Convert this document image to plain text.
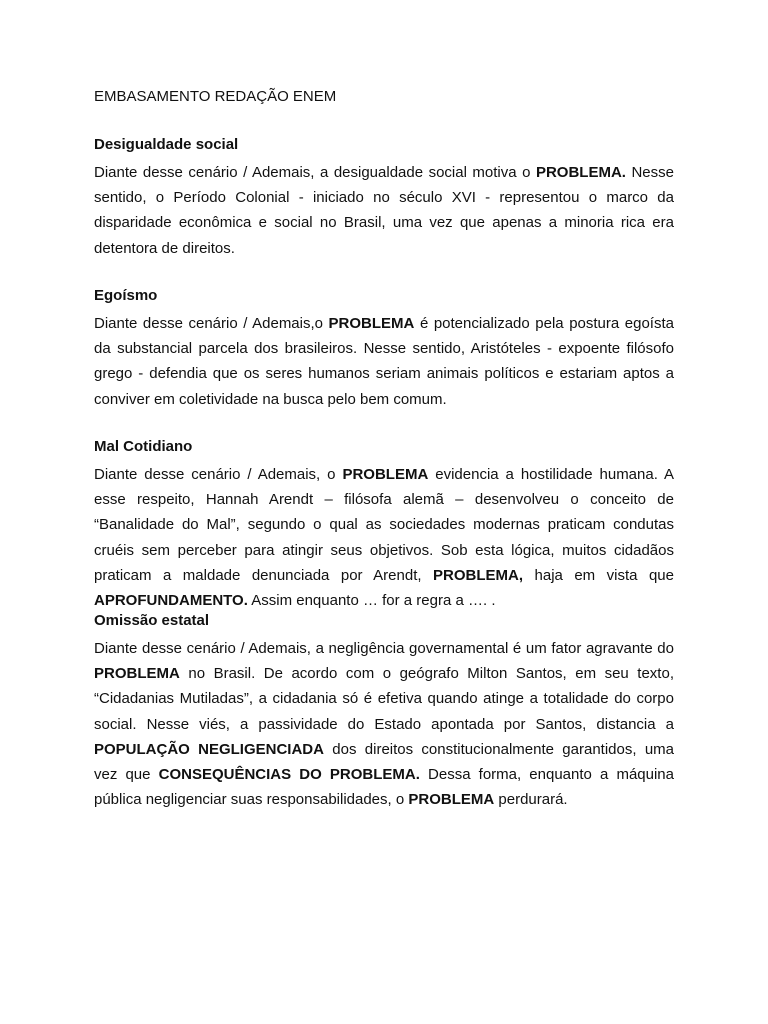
EMBASAMENTO REDAÇÃO ENEM
Desigualdade social

Diante desse cenário / Ademais, a desigualdade social motiva o PROBLEMA. Nesse sentido, o Período Colonial - iniciado no século XVI - representou o marco da disparidade econômica e social no Brasil, uma vez que apenas a minoria rica era detentora de direitos.

Egoísmo

Diante desse cenário / Ademais,o PROBLEMA é potencializado pela postura egoísta da substancial parcela dos brasileiros. Nesse sentido, Aristóteles - expoente filósofo grego - defendia que os seres humanos seriam animais políticos e estariam aptos a conviver em coletividade na busca pelo bem comum.

Mal Cotidiano

Diante desse cenário / Ademais, o PROBLEMA evidencia a hostilidade humana. A esse respeito, Hannah Arendt – filósofa alemã – desenvolveu o conceito de “Banalidade do Mal”, segundo o qual as sociedades modernas praticam condutas cruéis sem perceber para atingir seus objetivos. Sob esta lógica, muitos cidadãos praticam a maldade denunciada por Arendt, PROBLEMA, haja em vista que APROFUNDAMENTO. Assim enquanto … for a regra a …. .

Omissão estatal

Diante desse cenário / Ademais, a negligência governamental é um fator agravante do PROBLEMA no Brasil. De acordo com o geógrafo Milton Santos, em seu texto, “Cidadanias Mutiladas”, a cidadania só é efetiva quando atinge a totalidade do corpo social. Nesse viés, a passividade do Estado apontada por Santos, distancia a POPULAÇÃO NEGLIGENCIADA dos direitos constitucionalmente garantidos, uma vez que CONSEQUÊNCIAS DO PROBLEMA. Dessa forma, enquanto a máquina pública negligenciar suas responsabilidades, o PROBLEMA perdurará.
